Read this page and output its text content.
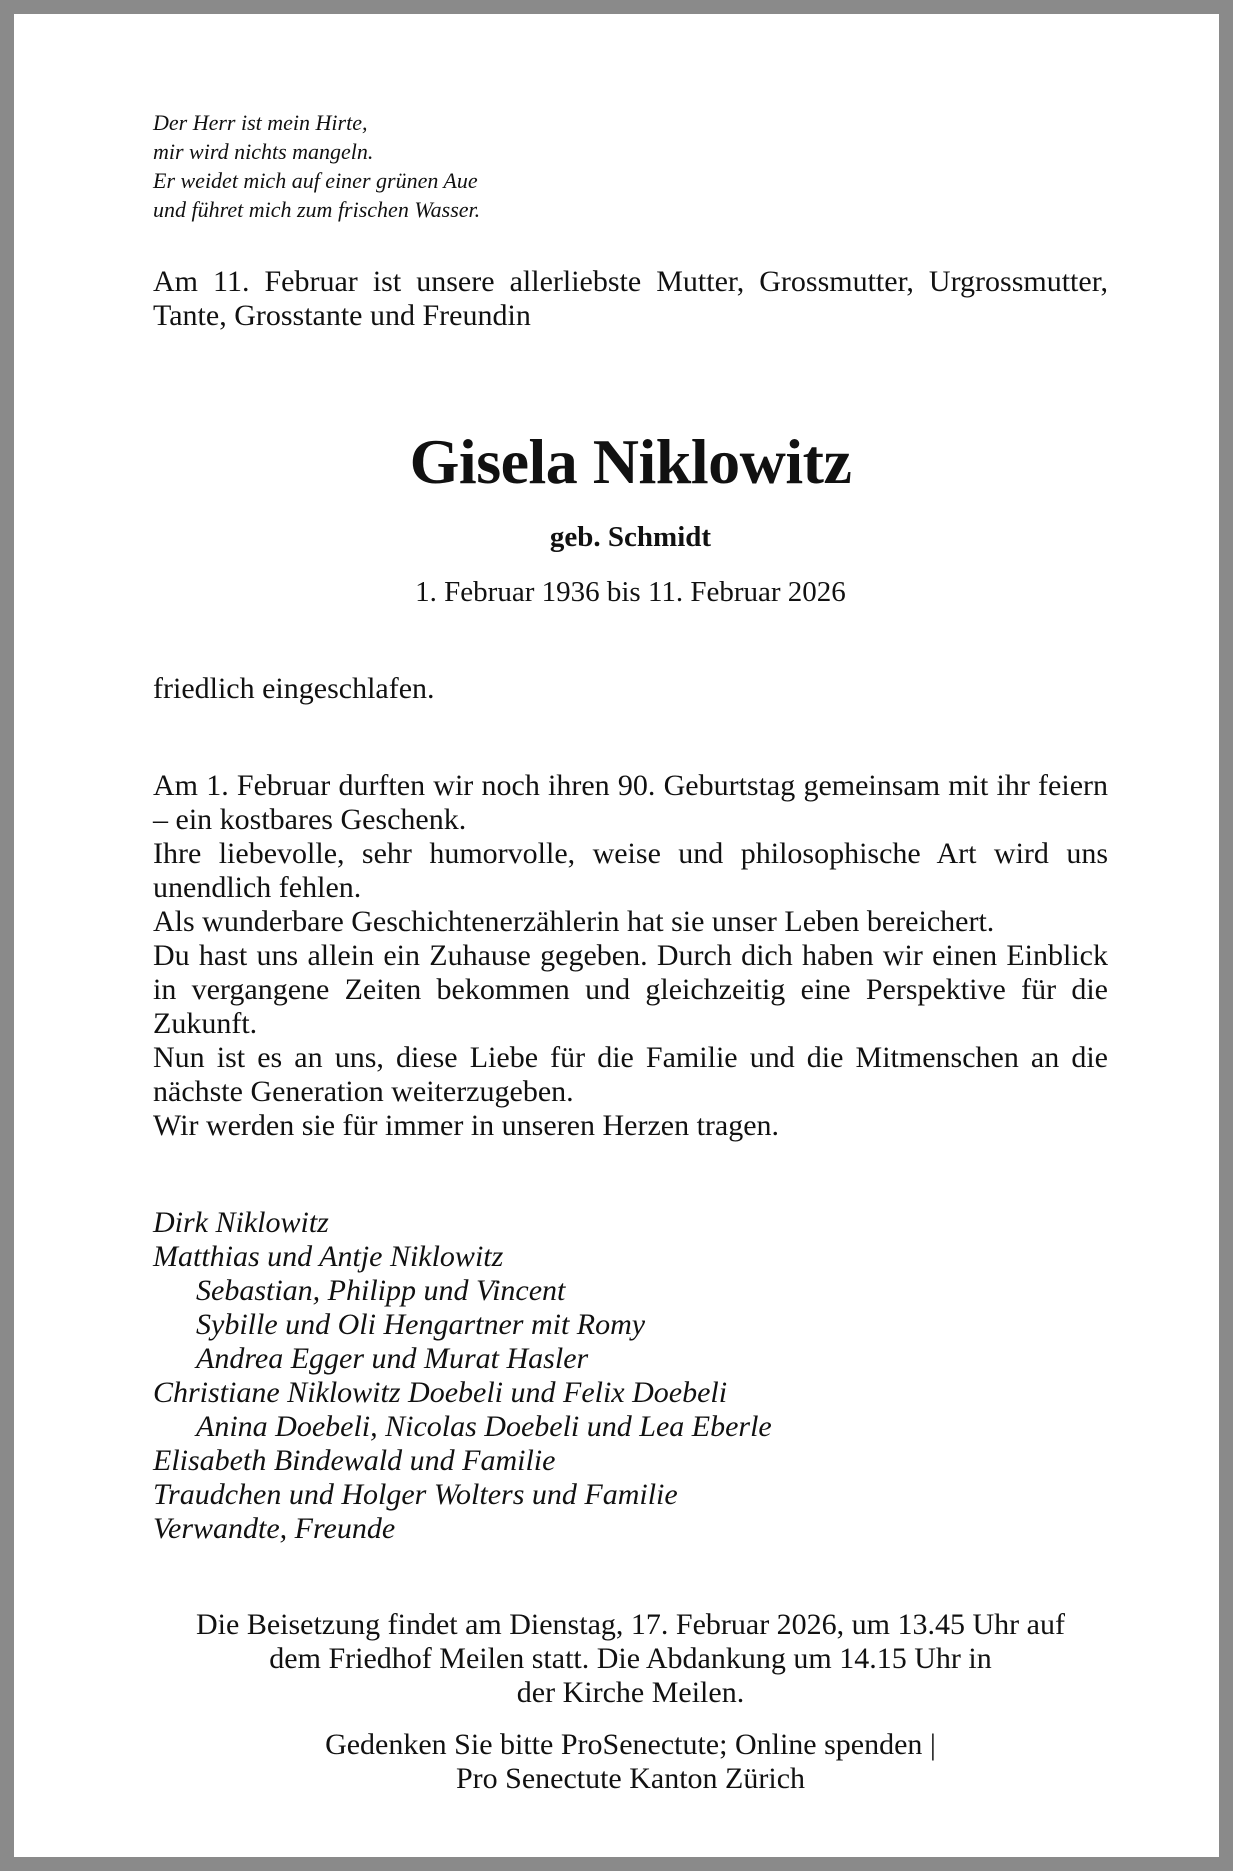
Der Herr ist mein Hirte,
mir wird nichts mangeln.
Er weidet mich auf einer grünen Aue
und führet mich zum frischen Wasser.
Am 11. Februar ist unsere allerliebste Mutter, Grossmutter, Urgrossmutter, Tante, Grosstante und Freundin
Gisela Niklowitz
geb. Schmidt
1. Februar 1936 bis 11. Februar 2026
friedlich eingeschlafen.

Am 1. Februar durften wir noch ihren 90. Geburtstag gemeinsam mit ihr feiern – ein kostbares Geschenk.

Ihre liebevolle, sehr humorvolle, weise und philosophische Art wird uns unendlich fehlen.

Als wunderbare Geschichtenerzählerin hat sie unser Leben bereichert.

Du hast uns allein ein Zuhause gegeben. Durch dich haben wir einen Einblick in vergangene Zeiten bekommen und gleichzeitig eine Perspektive für die Zukunft.

Nun ist es an uns, diese Liebe für die Familie und die Mitmenschen an die nächste Generation weiterzugeben.

Wir werden sie für immer in unseren Herzen tragen.

Dirk Niklowitz
Matthias und Antje Niklowitz
Sebastian, Philipp und Vincent
Sybille und Oli Hengartner mit Romy
Andrea Egger und Murat Hasler
Christiane Niklowitz Doebeli und Felix Doebeli
Anina Doebeli, Nicolas Doebeli und Lea Eberle
Elisabeth Bindewald und Familie
Traudchen und Holger Wolters und Familie
Verwandte, Freunde
Die Beisetzung findet am Dienstag, 17. Februar 2026, um 13.45 Uhr auf
dem Friedhof Meilen statt. Die Abdankung um 14.15 Uhr in
der Kirche Meilen.
Gedenken Sie bitte ProSenectute; Online spenden |
Pro Senectute Kanton Zürich
